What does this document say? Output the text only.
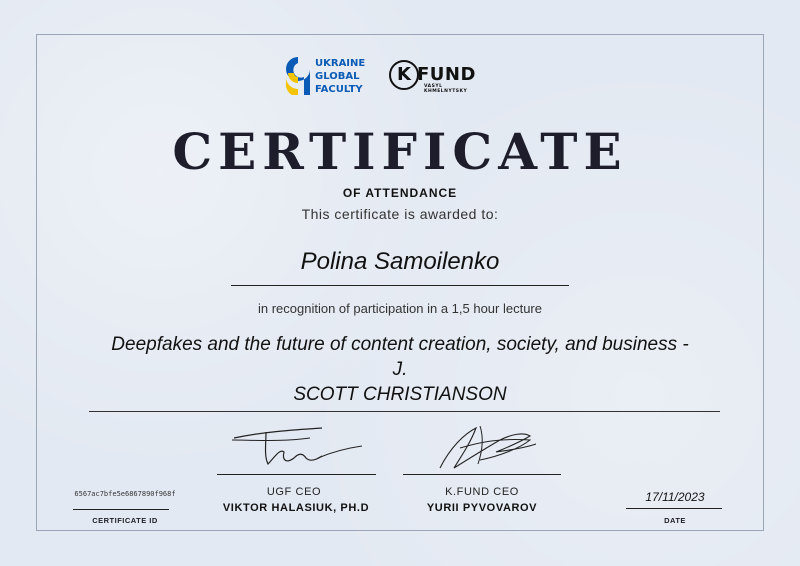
UKRAINE
GLOBAL
FACULTY
K FUND
VASYL
KHMELNYTSKY
CERTIFICATE
OF ATTENDANCE
This certificate is awarded to:
Polina Samoilenko
in recognition of participation in a 1,5 hour lecture
Deepfakes and the future of content creation, society, and business - J.
SCOTT CHRISTIANSON
UGF CEO
VIKTOR HALASIUK, PH.D
K.FUND CEO
YURII PYVOVAROV
6567ac7bfe5e6867890f968f
CERTIFICATE ID
17/11/2023
DATE
